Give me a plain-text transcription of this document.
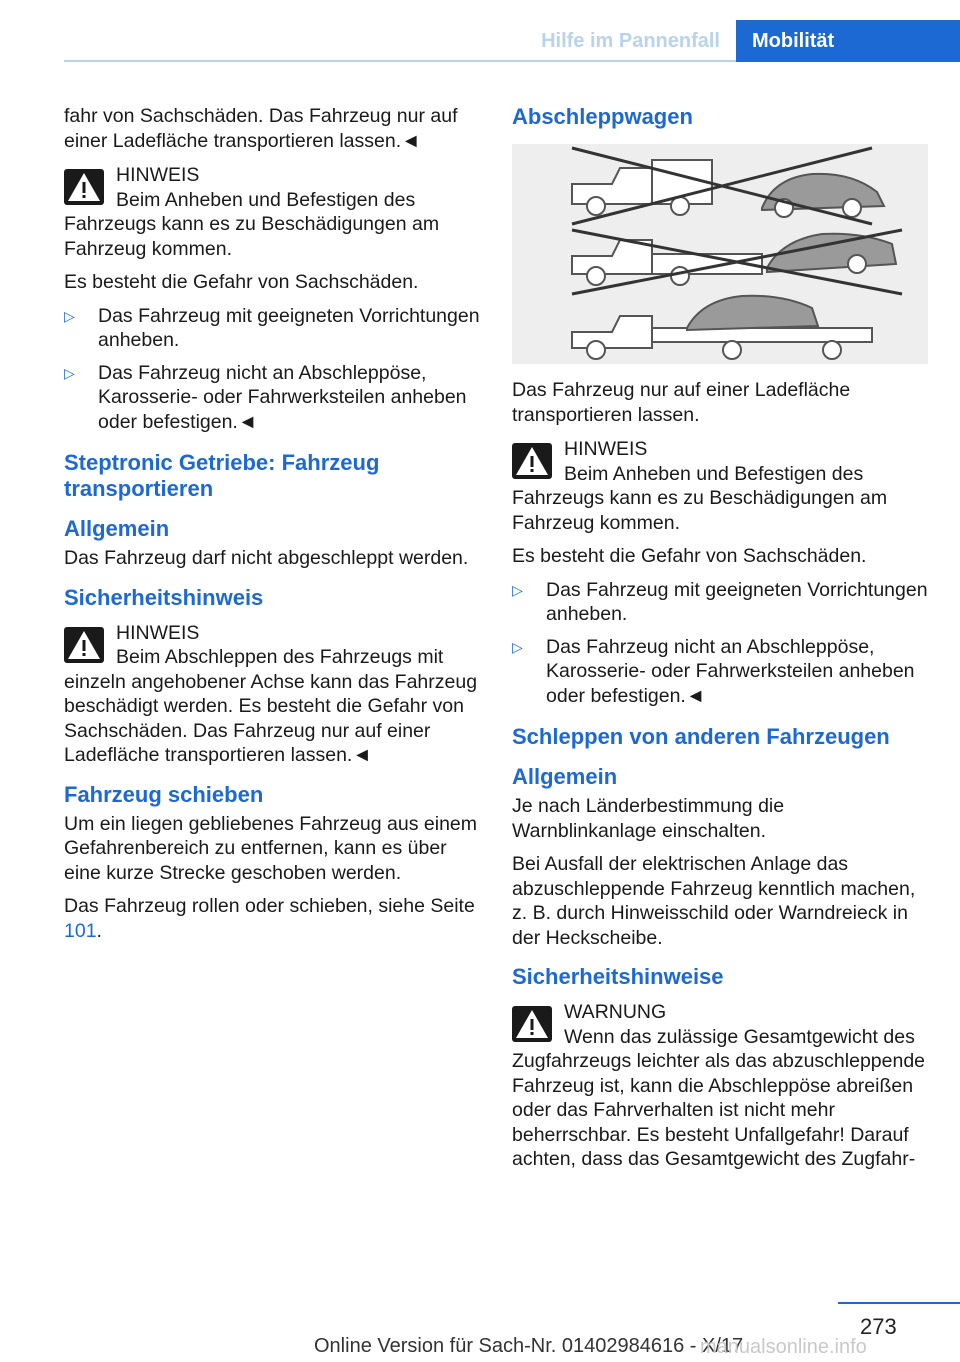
Hilfe im Pannenfall	Mobilität

fahr von Sachschäden. Das Fahrzeug nur auf einer Ladefläche transportieren lassen.◄

HINWEIS

Beim Anheben und Befestigen des Fahrzeugs kann es zu Beschädigungen am Fahrzeug kommen.

Es besteht die Gefahr von Sachschäden.

▷ Das Fahrzeug mit geeigneten Vorrichtungen anheben.
▷ Das Fahrzeug nicht an Abschleppöse, Karosserie- oder Fahrwerksteilen anheben oder befestigen.◄
Steptronic Getriebe: Fahrzeug transportieren
Allgemein

Das Fahrzeug darf nicht abgeschleppt werden.

Sicherheitshinweis
HINWEIS

Beim Abschleppen des Fahrzeugs mit einzeln angehobener Achse kann das Fahrzeug beschädigt werden. Es besteht die Gefahr von Sachschäden. Das Fahrzeug nur auf einer Ladefläche transportieren lassen.◄

Fahrzeug schieben

Um ein liegen gebliebenes Fahrzeug aus einem Gefahrenbereich zu entfernen, kann es über eine kurze Strecke geschoben werden.

Das Fahrzeug rollen oder schieben, siehe Seite 101.

Abschleppwagen

Das Fahrzeug nur auf einer Ladefläche transportieren lassen.

HINWEIS

Beim Anheben und Befestigen des Fahrzeugs kann es zu Beschädigungen am Fahrzeug kommen.

Es besteht die Gefahr von Sachschäden.

▷ Das Fahrzeug mit geeigneten Vorrichtungen anheben.
▷ Das Fahrzeug nicht an Abschleppöse, Karosserie- oder Fahrwerksteilen anheben oder befestigen.◄
Schleppen von anderen Fahrzeugen
Allgemein

Je nach Länderbestimmung die Warnblinkanlage einschalten.

Bei Ausfall der elektrischen Anlage das abzuschleppende Fahrzeug kenntlich machen, z. B. durch Hinweisschild oder Warndreieck in der Heckscheibe.

Sicherheitshinweise
WARNUNG

Wenn das zulässige Gesamtgewicht des Zugfahrzeugs leichter als das abzuschleppende Fahrzeug ist, kann die Abschleppöse abreißen oder das Fahrverhalten ist nicht mehr beherrschbar. Es besteht Unfallgefahr! Darauf achten, dass das Gesamtgewicht des Zugfahr-

273
Online Version für Sach-Nr. 01402984616 - X/17
manualsonline.info
